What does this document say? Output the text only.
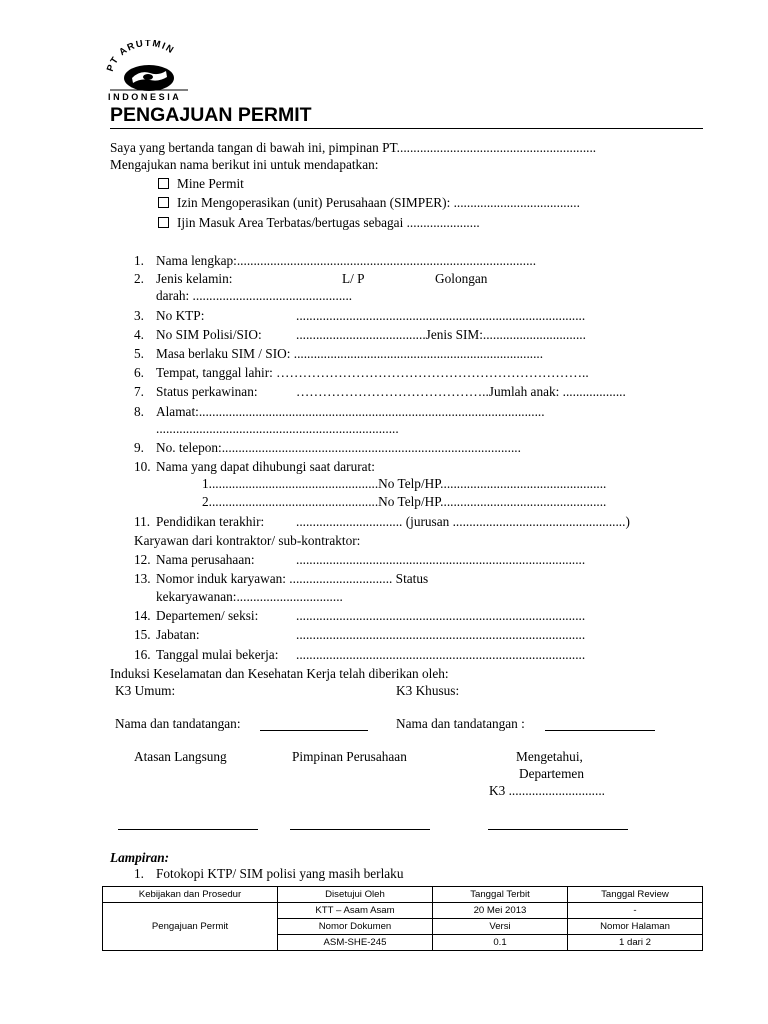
PT ARUTMIN
INDONESIA
PENGAJUAN PERMIT
Saya yang bertanda tangan di bawah ini, pimpinan PT............................................................
Mengajukan nama berikut ini untuk mendapatkan:
Mine Permit
Izin Mengoperasikan (unit) Perusahaan (SIMPER): ......................................
Ijin Masuk Area Terbatas/bertugas sebagai ......................
1. Nama lengkap:..........................................................................................
2. Jenis kelamin:	L/ P	Golongan
darah: ................................................
3. No KTP:	.......................................................................................
4. No SIM Polisi/SIO:	.......................................Jenis SIM:...............................
5. Masa berlaku SIM / SIO: ...........................................................................
6. Tempat, tanggal lahir: ……………………………………………………………..
7. Status perkawinan:	……………………………………..Jumlah anak: ...................
8. Alamat:........................................................................................................
.........................................................................
9. No. telepon:..........................................................................................
10. Nama yang dapat dihubungi saat darurat:
1...................................................No Telp/HP..................................................
2...................................................No Telp/HP..................................................
11. Pendidikan terakhir: ................................ (jurusan ....................................................)
Karyawan dari kontraktor/ sub-kontraktor:
12. Nama perusahaan:	.......................................................................................
13. Nomor induk karyawan: ............................... Status
kekaryawanan:................................
14. Departemen/ seksi:	.......................................................................................
15. Jabatan:	.......................................................................................
16. Tanggal mulai bekerja: .......................................................................................
Induksi Keselamatan dan Kesehatan Kerja telah diberikan oleh:
K3 Umum:	K3 Khusus:
Nama dan tandatangan:	Nama dan tandatangan :
Atasan Langsung	Pimpinan Perusahaan	Mengetahui,
Departemen
K3 .............................
Lampiran:
1. Fotokopi KTP/ SIM polisi yang masih berlaku
Kebijakan dan Prosedur	Disetujui Oleh	Tanggal Terbit	Tanggal Review
Pengajuan Permit	KTT – Asam Asam	20 Mei 2013	-
	Nomor Dokumen	Versi	Nomor Halaman
	ASM-SHE-245	0.1	1 dari 2
